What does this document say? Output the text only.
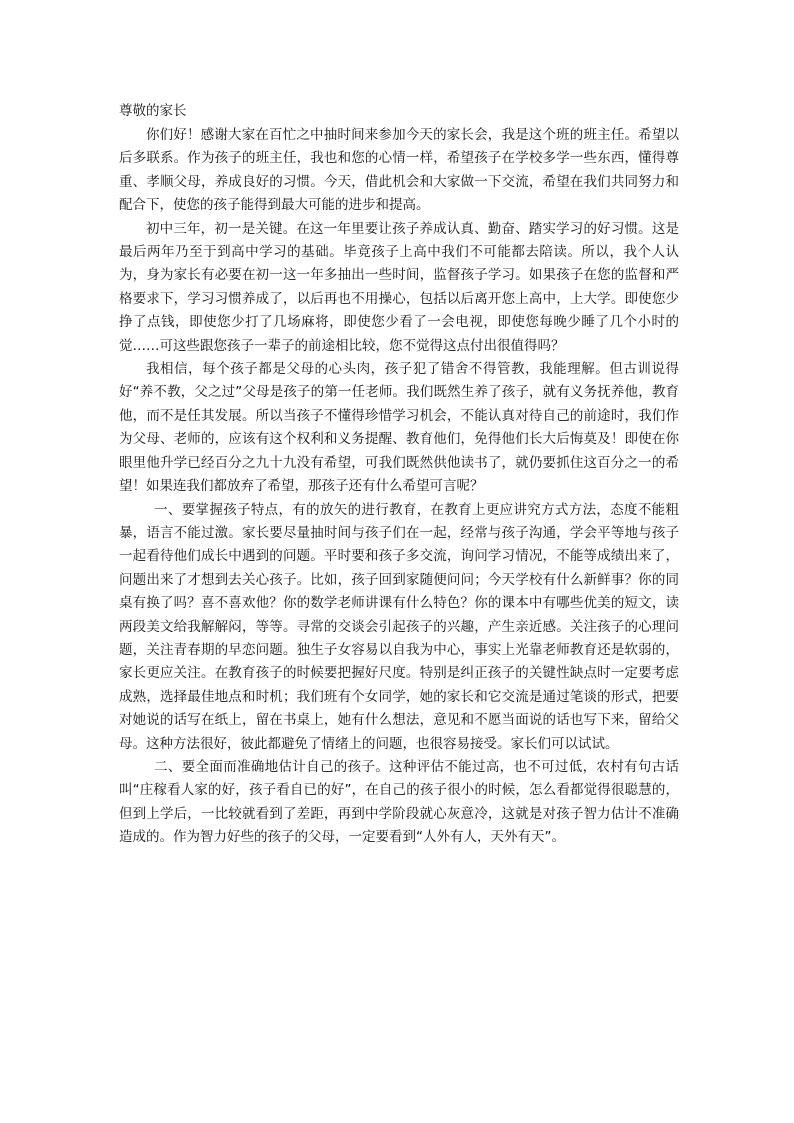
尊敬的家长

你们好！感谢大家在百忙之中抽时间来参加今天的家长会，我是这个班的班主任。希望以后多联系。作为孩子的班主任，我也和您的心情一样，希望孩子在学校多学一些东西，懂得尊重、孝顺父母，养成良好的习惯。今天，借此机会和大家做一下交流，希望在我们共同努力和配合下，使您的孩子能得到最大可能的进步和提高。

初中三年，初一是关键。在这一年里要让孩子养成认真、勤奋、踏实学习的好习惯。这是最后两年乃至于到高中学习的基础。毕竟孩子上高中我们不可能都去陪读。所以，我个人认为，身为家长有必要在初一这一年多抽出一些时间，监督孩子学习。如果孩子在您的监督和严格要求下，学习习惯养成了，以后再也不用操心，包括以后离开您上高中，上大学。即使您少挣了点钱，即使您少打了几场麻将，即使您少看了一会电视，即使您每晚少睡了几个小时的觉……可这些跟您孩子一辈子的前途相比较，您不觉得这点付出很值得吗？

我相信，每个孩子都是父母的心头肉，孩子犯了错舍不得管教，我能理解。但古训说得好“养不教，父之过”父母是孩子的第一任老师。我们既然生养了孩子，就有义务抚养他，教育他，而不是任其发展。所以当孩子不懂得珍惜学习机会，不能认真对待自己的前途时，我们作为父母、老师的，应该有这个权利和义务提醒、教育他们，免得他们长大后悔莫及！即使在你眼里他升学已经百分之九十九没有希望，可我们既然供他读书了，就仍要抓住这百分之一的希望！如果连我们都放弃了希望，那孩子还有什么希望可言呢？

一、要掌握孩子特点，有的放矢的进行教育，在教育上更应讲究方式方法，态度不能粗暴，语言不能过激。家长要尽量抽时间与孩子们在一起，经常与孩子沟通，学会平等地与孩子一起看待他们成长中遇到的问题。平时要和孩子多交流，询问学习情况，不能等成绩出来了，问题出来了才想到去关心孩子。比如，孩子回到家随便问问；今天学校有什么新鲜事？你的同桌有换了吗？喜不喜欢他？你的数学老师讲课有什么特色？你的课本中有哪些优美的短文，读两段美文给我解解闷，等等。寻常的交谈会引起孩子的兴趣，产生亲近感。关注孩子的心理问题，关注青春期的早恋问题。独生子女容易以自我为中心，事实上光靠老师教育还是软弱的，家长更应关注。在教育孩子的时候要把握好尺度。特别是纠正孩子的关键性缺点时一定要考虑成熟，选择最佳地点和时机；我们班有个女同学，她的家长和它交流是通过笔谈的形式，把要对她说的话写在纸上，留在书桌上，她有什么想法，意见和不愿当面说的话也写下来，留给父母。这种方法很好，彼此都避免了情绪上的问题，也很容易接受。家长们可以试试。

二、要全面而准确地估计自己的孩子。这种评估不能过高，也不可过低，农村有句古话叫“庄稼看人家的好，孩子看自已的好”，在自己的孩子很小的时候，怎么看都觉得很聪慧的，但到上学后，一比较就看到了差距，再到中学阶段就心灰意冷，这就是对孩子智力估计不准确造成的。作为智力好些的孩子的父母，一定要看到“人外有人，天外有天”。
